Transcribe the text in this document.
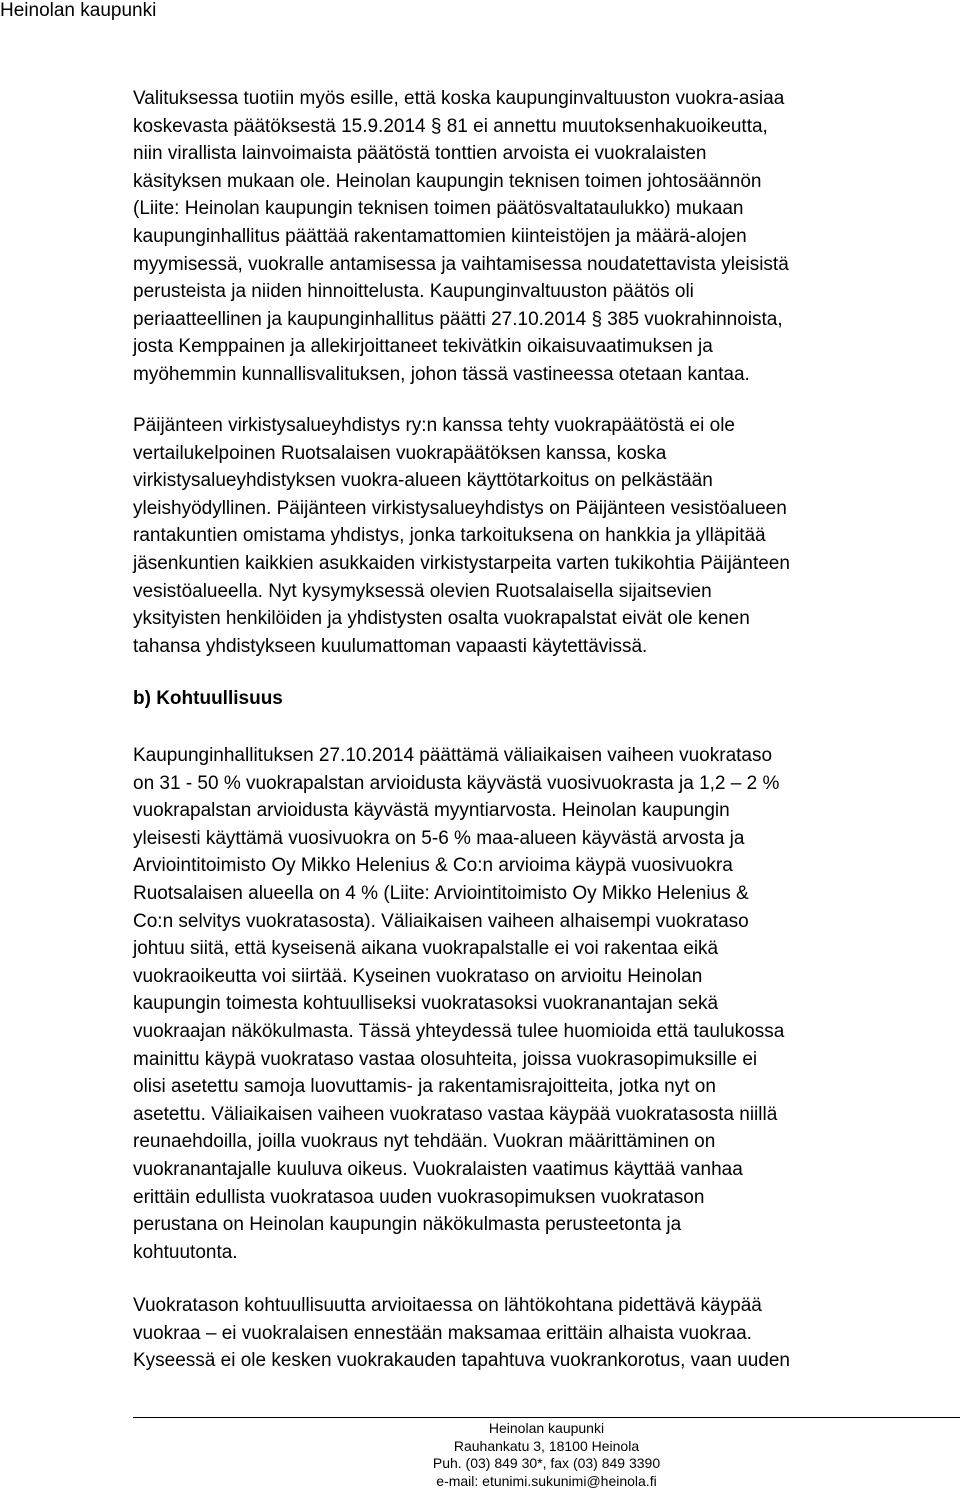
Heinolan kaupunki

Valituksessa tuotiin myös esille, että koska kaupunginvaltuuston vuokra-asiaa
koskevasta päätöksestä 15.9.2014 § 81 ei annettu muutoksenhakuoikeutta,
niin virallista lainvoimaista päätöstä tonttien arvoista ei vuokralaisten
käsityksen mukaan ole. Heinolan kaupungin teknisen toimen johtosäännön
(Liite: Heinolan kaupungin teknisen toimen päätösvaltataulukko) mukaan
kaupunginhallitus päättää rakentamattomien kiinteistöjen ja määrä-alojen
myymisessä, vuokralle antamisessa ja vaihtamisessa noudatettavista yleisistä
perusteista ja niiden hinnoittelusta. Kaupunginvaltuuston päätös oli
periaatteellinen ja kaupunginhallitus päätti 27.10.2014 § 385 vuokrahinnoista,
josta Kemppainen ja allekirjoittaneet tekivätkin oikaisuvaatimuksen ja
myöhemmin kunnallisvalituksen, johon tässä vastineessa otetaan kantaa.

Päijänteen virkistysalueyhdistys ry:n kanssa tehty vuokrapäätöstä ei ole
vertailukelpoinen Ruotsalaisen vuokrapäätöksen kanssa, koska
virkistysalueyhdistyksen vuokra-alueen käyttötarkoitus on pelkästään
yleishyödyllinen. Päijänteen virkistysalueyhdistys on Päijänteen vesistöalueen
rantakuntien omistama yhdistys, jonka tarkoituksena on hankkia ja ylläpitää
jäsenkuntien kaikkien asukkaiden virkistystarpeita varten tukikohtia Päijänteen
vesistöalueella. Nyt kysymyksessä olevien Ruotsalaisella sijaitsevien
yksityisten henkilöiden ja yhdistysten osalta vuokrapalstat eivät ole kenen
tahansa yhdistykseen kuulumattoman vapaasti käytettävissä.

b) Kohtuullisuus

Kaupunginhallituksen 27.10.2014 päättämä väliaikaisen vaiheen vuokrataso
on 31 - 50 % vuokrapalstan arvioidusta käyvästä vuosivuokrasta ja 1,2 – 2 %
vuokrapalstan arvioidusta käyvästä myyntiarvosta. Heinolan kaupungin
yleisesti käyttämä vuosivuokra on 5-6 % maa-alueen käyvästä arvosta ja
Arviointitoimisto Oy Mikko Helenius & Co:n arvioima käypä vuosivuokra
Ruotsalaisen alueella on 4 % (Liite: Arviointitoimisto Oy Mikko Helenius &
Co:n selvitys vuokratasosta). Väliaikaisen vaiheen alhaisempi vuokrataso
johtuu siitä, että kyseisenä aikana vuokrapalstalle ei voi rakentaa eikä
vuokraoikeutta voi siirtää. Kyseinen vuokrataso on arvioitu Heinolan
kaupungin toimesta kohtuulliseksi vuokratasoksi vuokranantajan sekä
vuokraajan näkökulmasta. Tässä yhteydessä tulee huomioida että taulukossa
mainittu käypä vuokrataso vastaa olosuhteita, joissa vuokrasopimuksille ei
olisi asetettu samoja luovuttamis- ja rakentamisrajoitteita, jotka nyt on
asetettu. Väliaikaisen vaiheen vuokrataso vastaa käypää vuokratasosta niillä
reunaehdoilla, joilla vuokraus nyt tehdään. Vuokran määrittäminen on
vuokranantajalle kuuluva oikeus. Vuokralaisten vaatimus käyttää vanhaa
erittäin edullista vuokratasoa uuden vuokrasopimuksen vuokratason
perustana on Heinolan kaupungin näkökulmasta perusteetonta ja
kohtuutonta.

Vuokratason kohtuullisuutta arvioitaessa on lähtökohtana pidettävä käypää
vuokraa – ei vuokralaisen ennestään maksamaa erittäin alhaista vuokraa.
Kyseessä ei ole kesken vuokrakauden tapahtuva vuokrankorotus, vaan uuden

Heinolan kaupunki
Rauhankatu 3, 18100 Heinola
Puh. (03) 849 30*, fax (03) 849 3390
e-mail: etunimi.sukunimi@heinola.fi
